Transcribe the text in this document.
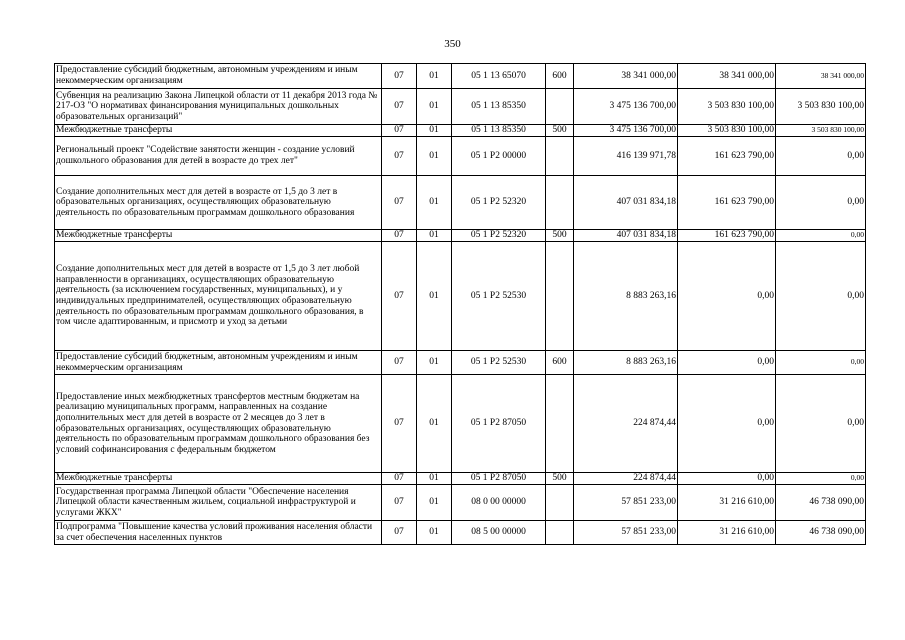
350
Предоставление субсидий бюджетным, автономным учреждениям и иным некоммерческим организациям	07	01	05 1 13 65070	600	38 341 000,00	38 341 000,00	38 341 000,00
Субвенция на реализацию Закона Липецкой области от 11 декабря 2013 года № 217-ОЗ "О нормативах финансирования муниципальных дошкольных образовательных организаций"	07	01	05 1 13 85350		3 475 136 700,00	3 503 830 100,00	3 503 830 100,00
Межбюджетные трансферты	07	01	05 1 13 85350	500	3 475 136 700,00	3 503 830 100,00	3 503 830 100,00
Региональный проект "Содействие занятости женщин - создание условий дошкольного образования для детей в возрасте до трех лет"	07	01	05 1 P2 00000		416 139 971,78	161 623 790,00	0,00
Создание дополнительных мест для детей в возрасте от 1,5 до 3 лет в образовательных организациях, осуществляющих образовательную деятельность по образовательным программам дошкольного образования	07	01	05 1 P2 52320		407 031 834,18	161 623 790,00	0,00
Межбюджетные трансферты	07	01	05 1 P2 52320	500	407 031 834,18	161 623 790,00	0,00
Создание дополнительных мест для детей в возрасте от 1,5 до 3 лет любой направленности в организациях, осуществляющих образовательную деятельность (за исключением государственных, муниципальных), и у индивидуальных предпринимателей, осуществляющих образовательную деятельность по образовательным программам дошкольного образования, в том числе адаптированным, и присмотр и уход за детьми	07	01	05 1 P2 52530		8 883 263,16	0,00	0,00
Предоставление субсидий бюджетным, автономным учреждениям и иным некоммерческим организациям	07	01	05 1 P2 52530	600	8 883 263,16	0,00	0,00
Предоставление иных межбюджетных трансфертов местным бюджетам на реализацию муниципальных программ, направленных на создание дополнительных мест для детей в возрасте от 2 месяцев до 3 лет в образовательных организациях, осуществляющих образовательную деятельность по образовательным программам дошкольного образования без условий софинансирования с федеральным бюджетом	07	01	05 1 P2 87050		224 874,44	0,00	0,00
Межбюджетные трансферты	07	01	05 1 P2 87050	500	224 874,44	0,00	0,00
Государственная программа Липецкой области "Обеспечение населения Липецкой области качественным жильем, социальной инфраструктурой и услугами ЖКХ"	07	01	08 0 00 00000		57 851 233,00	31 216 610,00	46 738 090,00
Подпрограмма "Повышение качества условий проживания населения области за счет обеспечения населенных пунктов	07	01	08 5 00 00000		57 851 233,00	31 216 610,00	46 738 090,00
